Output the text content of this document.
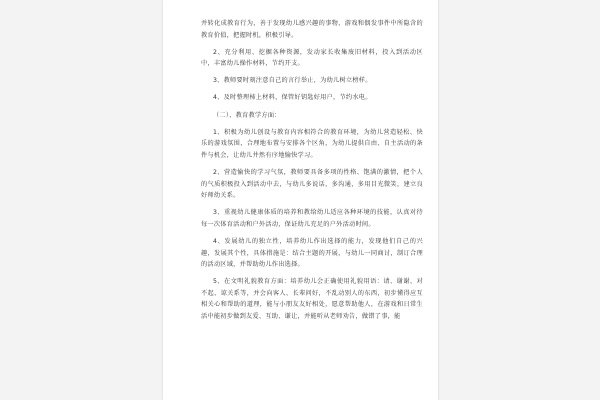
并转化成教育行为，善于发现幼儿感兴趣的事物、游戏和偶发事件中所隐含的教育价值，把握时机，积极引导。

2、充分利用、挖掘各种资源，发动家长收集废旧材料，投入到活动区中，丰富幼儿操作材料，节约开支。

3、教师要时刻注意自己的言行举止，为幼儿树立榜样。

4、及时整理柿上材料，保管好钥匙好用户，节约水电。

（二）、教育教学方面：

1、积极为幼儿创设与教育内容相符合的教育环境，为幼儿营造轻松、快乐的游戏氛围，合理地布置与安排各个区角，为幼儿提供自由、自主活动的条件与机会，让幼儿井然有序地愉快学习。

2、营造愉快的学习气氛，教师要具备多项的性格、饱满的激情，把个人的气质积极投入到活动中去，与幼儿多说话，多沟通，多用目光微笑，建立良好师幼关系。

3、重视幼儿健康体质的培养和教给幼儿适应各种环境的技能，认真对待每一次体育活动和户外活动，保证幼儿充足的户外活动时间。

4、发展幼儿的独立性，培养幼儿作出选择的能力，发现他们自己的兴趣，发展其个性，具体措施是：结合主题的开展，与幼儿一同商讨，制订合理的活动区域，并帮助幼儿作出选择。

5、在文明礼貌教育方面：培养幼儿会正确使用礼貌用语：请、谢谢、对不起、谅关系等，并会向客人、长辈问好，不乱动别人的东西，初步懂得应互相关心和帮助的道理，能与小朋友友好相处，愿意帮助他人，在游戏和日常生活中能初步做到友爱、互助、谦让，并能听从老师劝告，做错了事，能
